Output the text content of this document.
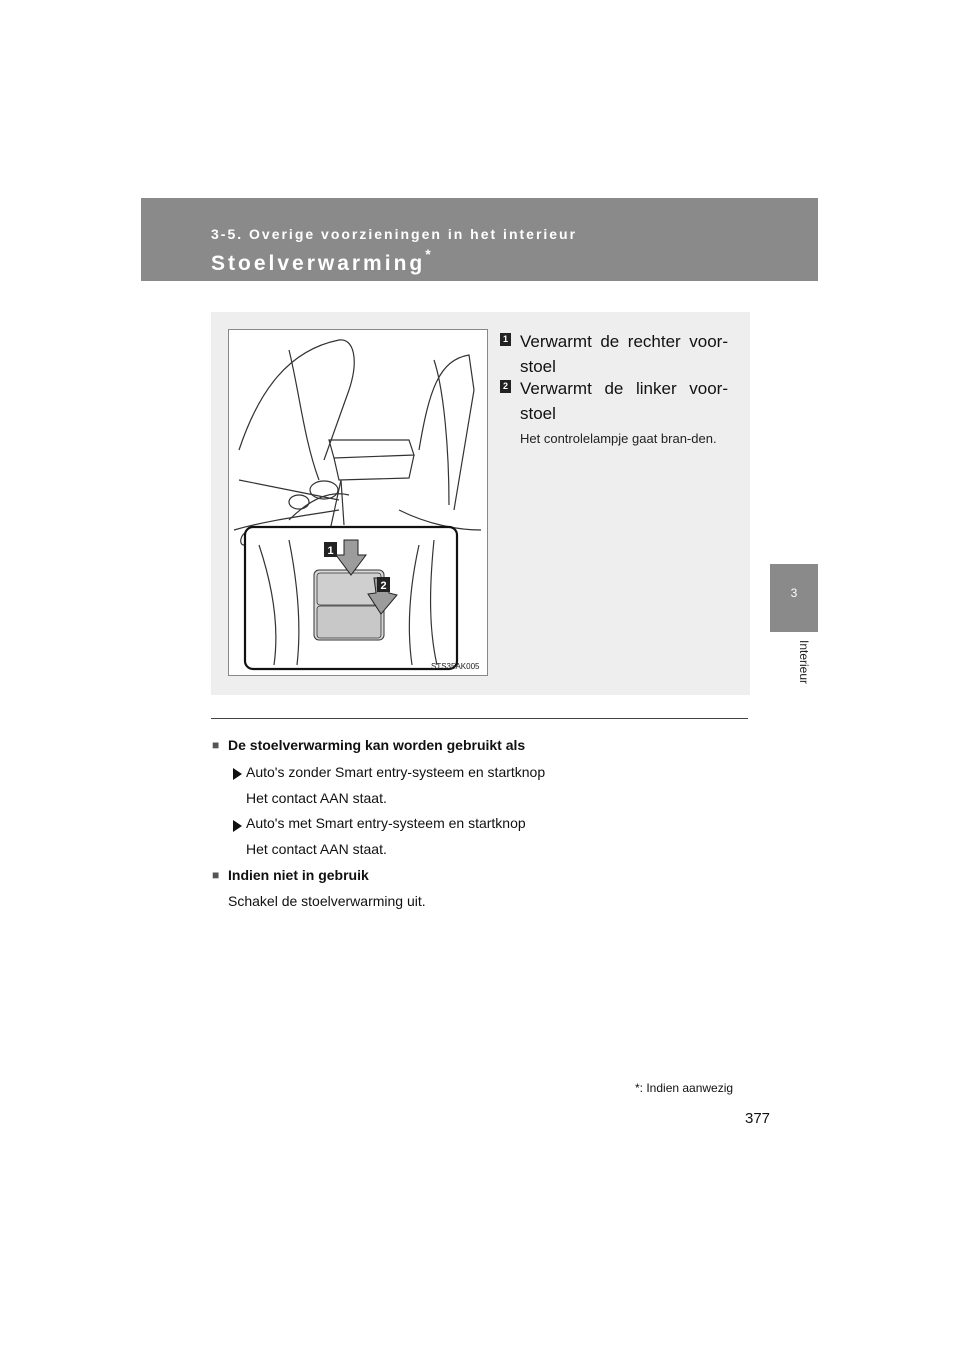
3-5. Overige voorzieningen in het interieur
Stoelverwarming*
3
Interieur
1
2
STS35AK005
1 Verwarmt de rechter voor-stoel
2 Verwarmt de linker voor-stoel
Het controlelampje gaat bran-den.
■ De stoelverwarming kan worden gebruikt als
Auto's zonder Smart entry-systeem en startknop
Het contact AAN staat.
Auto's met Smart entry-systeem en startknop
Het contact AAN staat.
■ Indien niet in gebruik
Schakel de stoelverwarming uit.
*: Indien aanwezig
377
